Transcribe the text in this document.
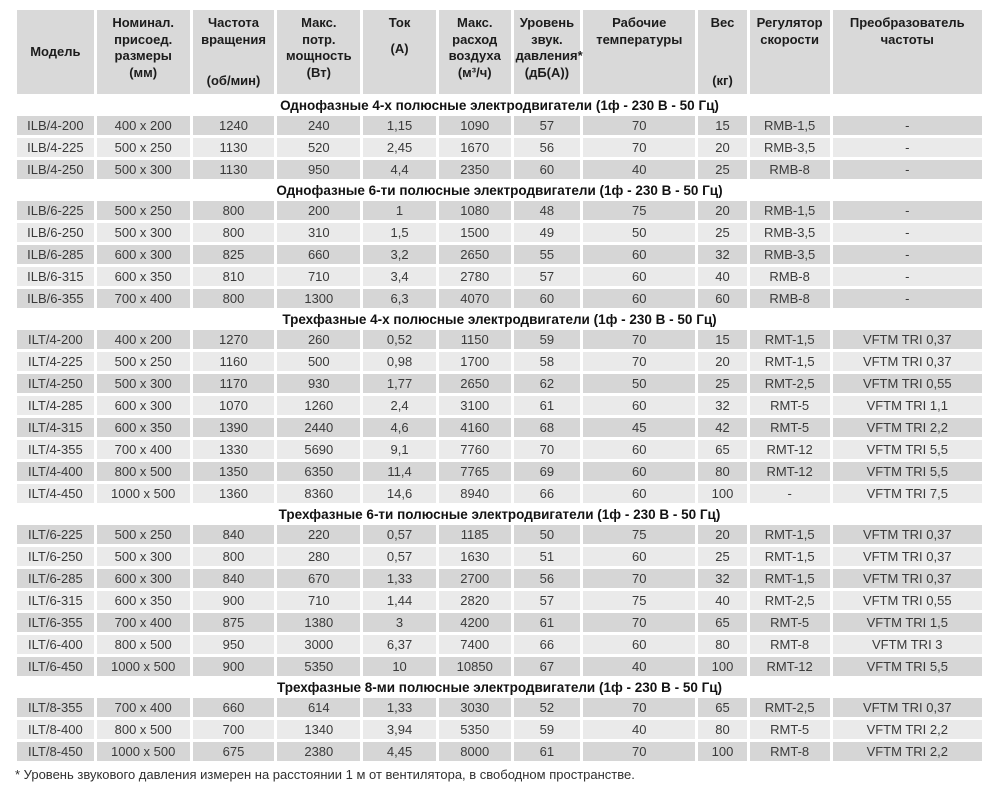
Модель	Номинал.
присоед.
размеры
(мм)	Частота
вращения
(об/мин)	Макс.
потр.
мощность
(Вт)	Ток
(А)	Макс.
расход
воздуха
(м³/ч)	Уровень
звук.
давления*
(дБ(А))	Рабочие
температуры	Вес
(кг)	Регулятор
скорости	Преобразователь
частоты
Однофазные 4-х полюсные электродвигатели (1ф - 230 В - 50 Гц)										
ILB/4-200	400 x 200	1240	240	1,15	1090	57	70	15	RMB-1,5	-
ILB/4-225	500 x 250	1130	520	2,45	1670	56	70	20	RMB-3,5	-
ILB/4-250	500 x 300	1130	950	4,4	2350	60	40	25	RMB-8	-
Однофазные 6-ти полюсные электродвигатели (1ф - 230 В - 50 Гц)										
ILB/6-225	500 x 250	800	200	1	1080	48	75	20	RMB-1,5	-
ILB/6-250	500 x 300	800	310	1,5	1500	49	50	25	RMB-3,5	-
ILB/6-285	600 x 300	825	660	3,2	2650	55	60	32	RMB-3,5	-
ILB/6-315	600 x 350	810	710	3,4	2780	57	60	40	RMB-8	-
ILB/6-355	700 x 400	800	1300	6,3	4070	60	60	60	RMB-8	-
Трехфазные 4-х полюсные электродвигатели (1ф - 230 В - 50 Гц)										
ILT/4-200	400 x 200	1270	260	0,52	1150	59	70	15	RMT-1,5	VFTM TRI 0,37
ILT/4-225	500 x 250	1160	500	0,98	1700	58	70	20	RMT-1,5	VFTM TRI 0,37
ILT/4-250	500 x 300	1170	930	1,77	2650	62	50	25	RMT-2,5	VFTM TRI 0,55
ILT/4-285	600 x 300	1070	1260	2,4	3100	61	60	32	RMT-5	VFTM TRI 1,1
ILT/4-315	600 x 350	1390	2440	4,6	4160	68	45	42	RMT-5	VFTM TRI 2,2
ILT/4-355	700 x 400	1330	5690	9,1	7760	70	60	65	RMT-12	VFTM TRI 5,5
ILT/4-400	800 x 500	1350	6350	11,4	7765	69	60	80	RMT-12	VFTM TRI 5,5
ILT/4-450	1000 x 500	1360	8360	14,6	8940	66	60	100	-	VFTM TRI 7,5
Трехфазные 6-ти полюсные электродвигатели (1ф - 230 В - 50 Гц)										
ILT/6-225	500 x 250	840	220	0,57	1185	50	75	20	RMT-1,5	VFTM TRI 0,37
ILT/6-250	500 x 300	800	280	0,57	1630	51	60	25	RMT-1,5	VFTM TRI 0,37
ILT/6-285	600 x 300	840	670	1,33	2700	56	70	32	RMT-1,5	VFTM TRI 0,37
ILT/6-315	600 x 350	900	710	1,44	2820	57	75	40	RMT-2,5	VFTM TRI 0,55
ILT/6-355	700 x 400	875	1380	3	4200	61	70	65	RMT-5	VFTM TRI 1,5
ILT/6-400	800 x 500	950	3000	6,37	7400	66	60	80	RMT-8	VFTM TRI 3
ILT/6-450	1000 x 500	900	5350	10	10850	67	40	100	RMT-12	VFTM TRI 5,5
Трехфазные 8-ми полюсные электродвигатели (1ф - 230 В - 50 Гц)										
ILT/8-355	700 x 400	660	614	1,33	3030	52	70	65	RMT-2,5	VFTM TRI 0,37
ILT/8-400	800 x 500	700	1340	3,94	5350	59	40	80	RMT-5	VFTM TRI 2,2
ILT/8-450	1000 x 500	675	2380	4,45	8000	61	70	100	RMT-8	VFTM TRI 2,2
* Уровень звукового давления измерен на расстоянии 1 м от вентилятора, в свободном пространстве.
